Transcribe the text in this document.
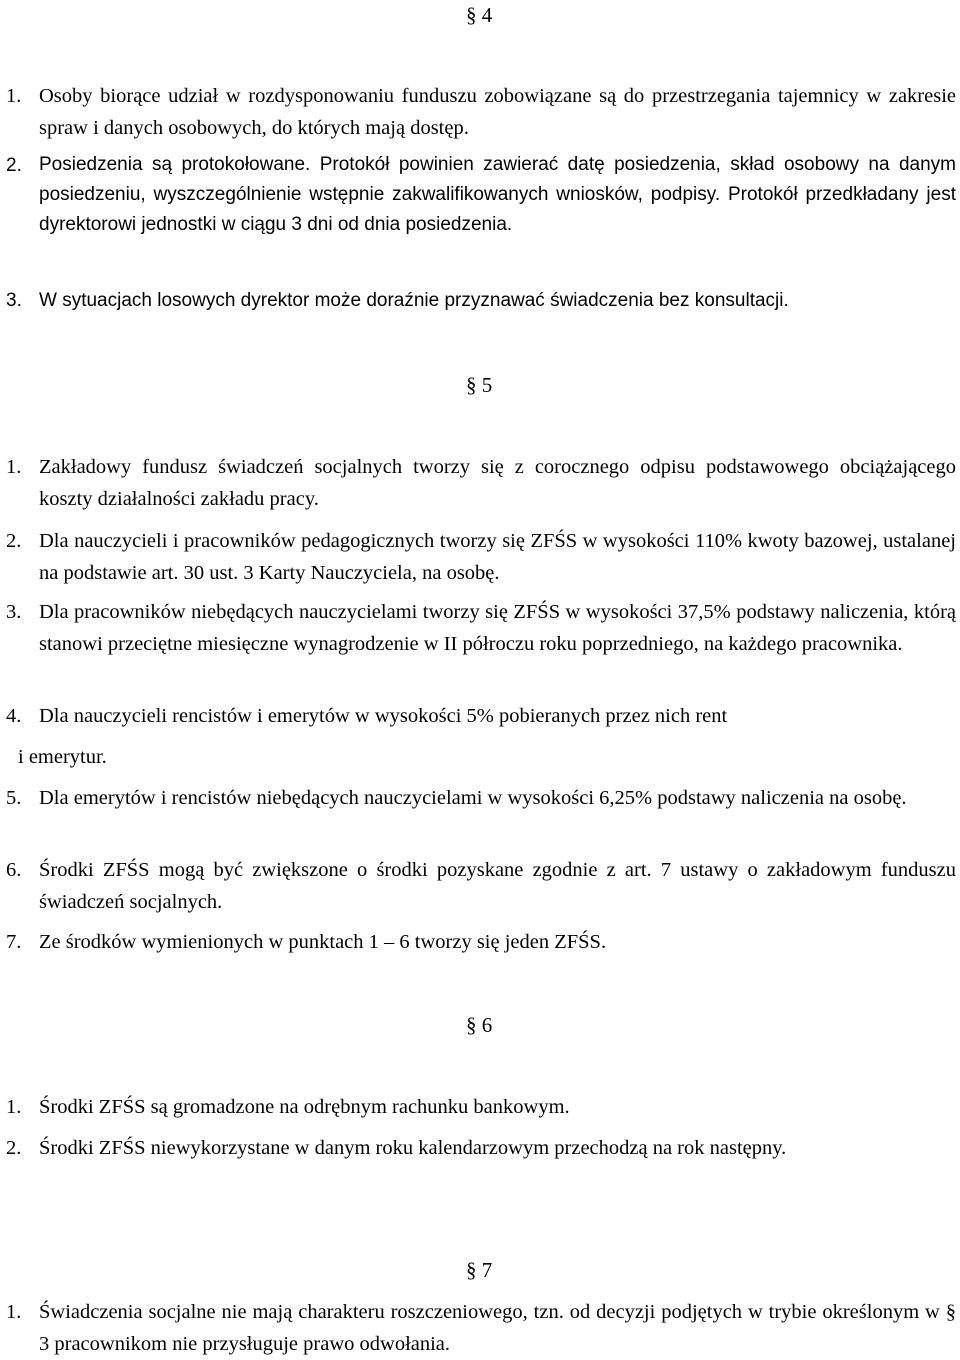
§ 4
1. Osoby biorące udział w rozdysponowaniu funduszu zobowiązane są do przestrzegania tajemnicy w zakresie spraw i danych osobowych, do których mają dostęp.
2. Posiedzenia są protokołowane. Protokół powinien zawierać datę posiedzenia, skład osobowy na danym posiedzeniu, wyszczególnienie wstępnie zakwalifikowanych wniosków, podpisy. Protokół przedkładany jest dyrektorowi jednostki w ciągu 3 dni od dnia posiedzenia.
3. W sytuacjach losowych dyrektor może doraźnie przyznawać świadczenia bez konsultacji.
§ 5
1. Zakładowy fundusz świadczeń socjalnych tworzy się z corocznego odpisu podstawowego obciążającego koszty działalności zakładu pracy.
2. Dla nauczycieli i pracowników pedagogicznych tworzy się ZFŚS w wysokości 110% kwoty bazowej, ustalanej na podstawie art. 30 ust. 3 Karty Nauczyciela, na osobę.
3. Dla pracowników niebędących nauczycielami tworzy się ZFŚS w wysokości 37,5% podstawy naliczenia, którą stanowi przeciętne miesięczne wynagrodzenie w II półroczu roku poprzedniego, na każdego pracownika.
4. Dla nauczycieli rencistów i emerytów w wysokości 5% pobieranych przez nich rent
i emerytur.
5. Dla emerytów i rencistów niebędących nauczycielami w wysokości 6,25% podstawy naliczenia na osobę.
6. Środki ZFŚS mogą być zwiększone o środki pozyskane zgodnie z art. 7 ustawy o zakładowym funduszu świadczeń socjalnych.
7. Ze środków wymienionych w punktach 1 – 6 tworzy się jeden ZFŚS.
§ 6
1. Środki ZFŚS są gromadzone na odrębnym rachunku bankowym.
2. Środki ZFŚS niewykorzystane w danym roku kalendarzowym przechodzą na rok następny.
§ 7
1. Świadczenia socjalne nie mają charakteru roszczeniowego, tzn. od decyzji podjętych w trybie określonym w § 3 pracownikom nie przysługuje prawo odwołania.
